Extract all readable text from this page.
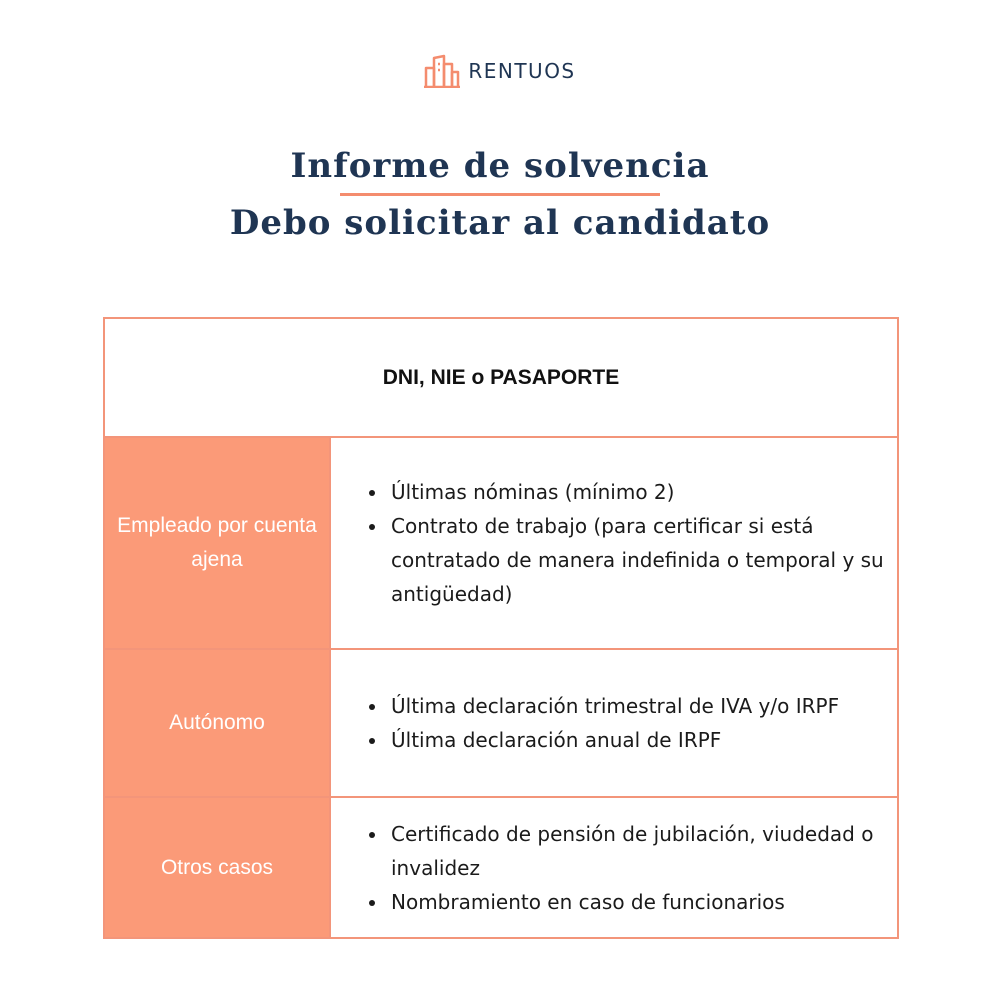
RENTUOS
Informe de solvencia
Debo solicitar al candidato
DNI, NIE o PASAPORTE
Empleado por cuenta ajena
Últimas nóminas (mínimo 2)
Contrato de trabajo (para certificar si está contratado de manera indefinida o temporal y su antigüedad)
Autónomo
Última declaración trimestral de IVA y/o IRPF
Última declaración anual de IRPF
Otros casos
Certificado de pensión de jubilación, viudedad o invalidez
Nombramiento en caso de funcionarios
